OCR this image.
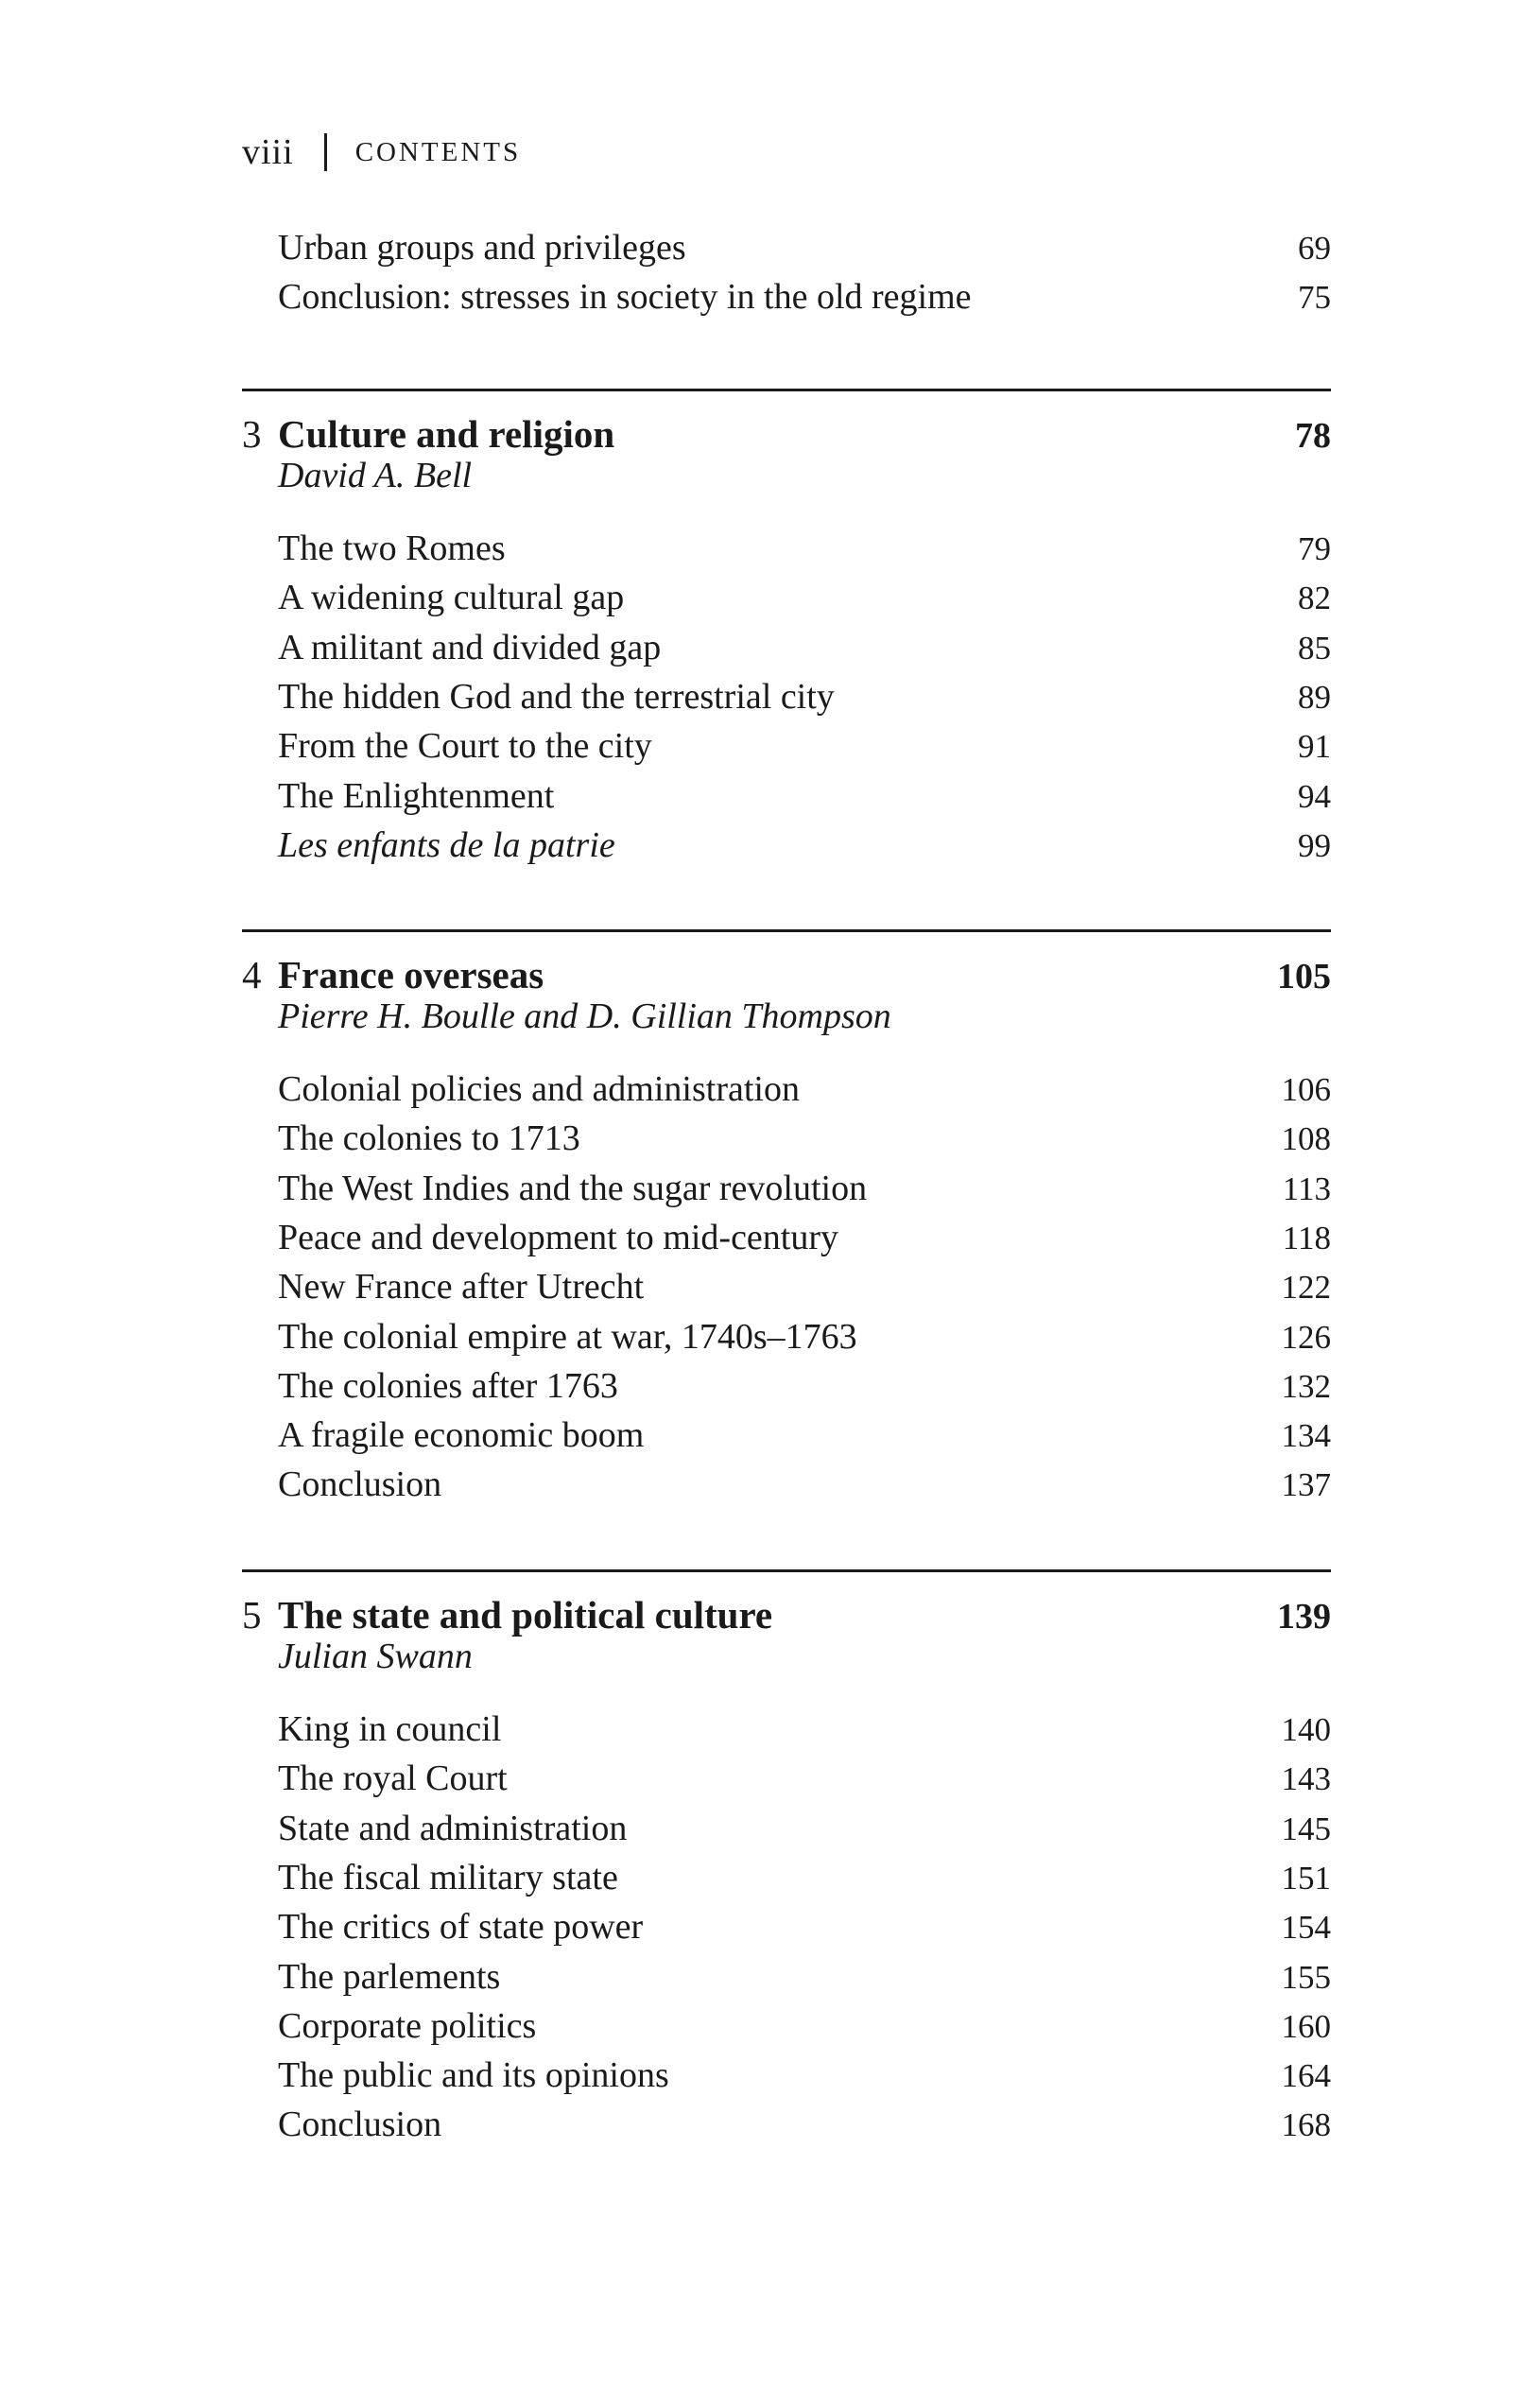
viii CONTENTS
Urban groups and privileges	69
Conclusion: stresses in society in the old regime	75
3 Culture and religion	78
David A. Bell
The two Romes	79
A widening cultural gap	82
A militant and divided gap	85
The hidden God and the terrestrial city	89
From the Court to the city	91
The Enlightenment	94
Les enfants de la patrie	99
4 France overseas	105
Pierre H. Boulle and D. Gillian Thompson
Colonial policies and administration	106
The colonies to 1713	108
The West Indies and the sugar revolution	113
Peace and development to mid-century	118
New France after Utrecht	122
The colonial empire at war, 1740s–1763	126
The colonies after 1763	132
A fragile economic boom	134
Conclusion	137
5 The state and political culture	139
Julian Swann
King in council	140
The royal Court	143
State and administration	145
The fiscal military state	151
The critics of state power	154
The parlements	155
Corporate politics	160
The public and its opinions	164
Conclusion	168
